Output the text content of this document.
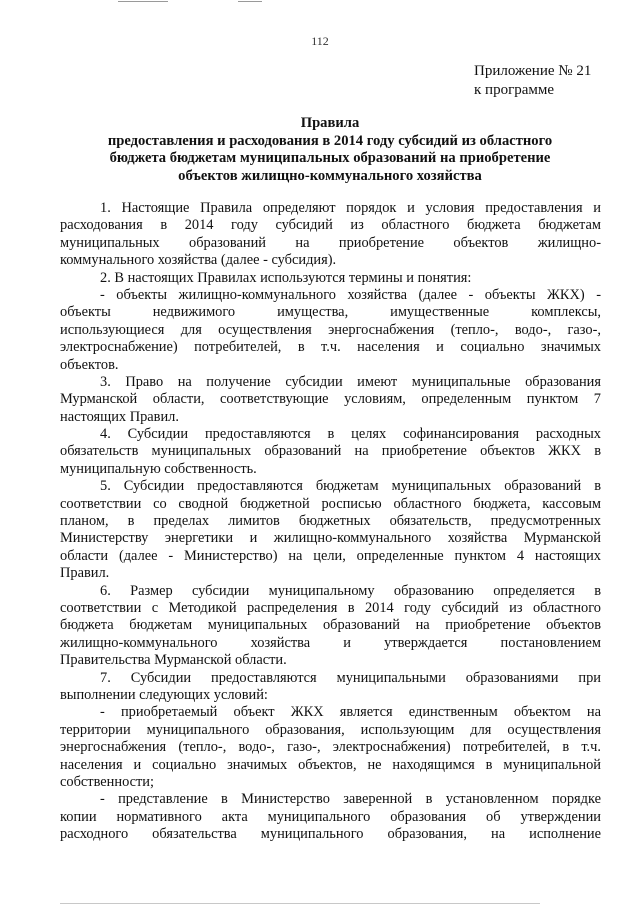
112
Приложение № 21
к программе
Правила
предоставления и расходования в 2014 году субсидий из областного
бюджета бюджетам муниципальных образований на приобретение
объектов жилищно-коммунального хозяйства
1. Настоящие Правила определяют порядок и условия предоставления и
расходования в 2014 году субсидий из областного бюджета бюджетам
муниципальных образований на приобретение объектов жилищно-
коммунального хозяйства (далее - субсидия).
2. В настоящих Правилах используются термины и понятия:
- объекты жилищно-коммунального хозяйства (далее - объекты ЖКХ) -
объекты недвижимого имущества, имущественные комплексы,
использующиеся для осуществления энергоснабжения (тепло-, водо-, газо-,
электроснабжение) потребителей, в т.ч. населения и социально значимых
объектов.
3. Право на получение субсидии имеют муниципальные образования
Мурманской области, соответствующие условиям, определенным пунктом 7
настоящих Правил.
4. Субсидии предоставляются в целях софинансирования расходных
обязательств муниципальных образований на приобретение объектов ЖКХ в
муниципальную собственность.
5. Субсидии предоставляются бюджетам муниципальных образований в
соответствии со сводной бюджетной росписью областного бюджета, кассовым
планом, в пределах лимитов бюджетных обязательств, предусмотренных
Министерству энергетики и жилищно-коммунального хозяйства Мурманской
области (далее - Министерство) на цели, определенные пунктом 4 настоящих
Правил.
6. Размер субсидии муниципальному образованию определяется в
соответствии с Методикой распределения в 2014 году субсидий из областного
бюджета бюджетам муниципальных образований на приобретение объектов
жилищно-коммунального хозяйства и утверждается постановлением
Правительства Мурманской области.
7. Субсидии предоставляются муниципальными образованиями при
выполнении следующих условий:
- приобретаемый объект ЖКХ является единственным объектом на
территории муниципального образования, использующим для осуществления
энергоснабжения (тепло-, водо-, газо-, электроснабжения) потребителей, в т.ч.
населения и социально значимых объектов, не находящимся в муниципальной
собственности;
- представление в Министерство заверенной в установленном порядке
копии нормативного акта муниципального образования об утверждении
расходного обязательства муниципального образования, на исполнение
